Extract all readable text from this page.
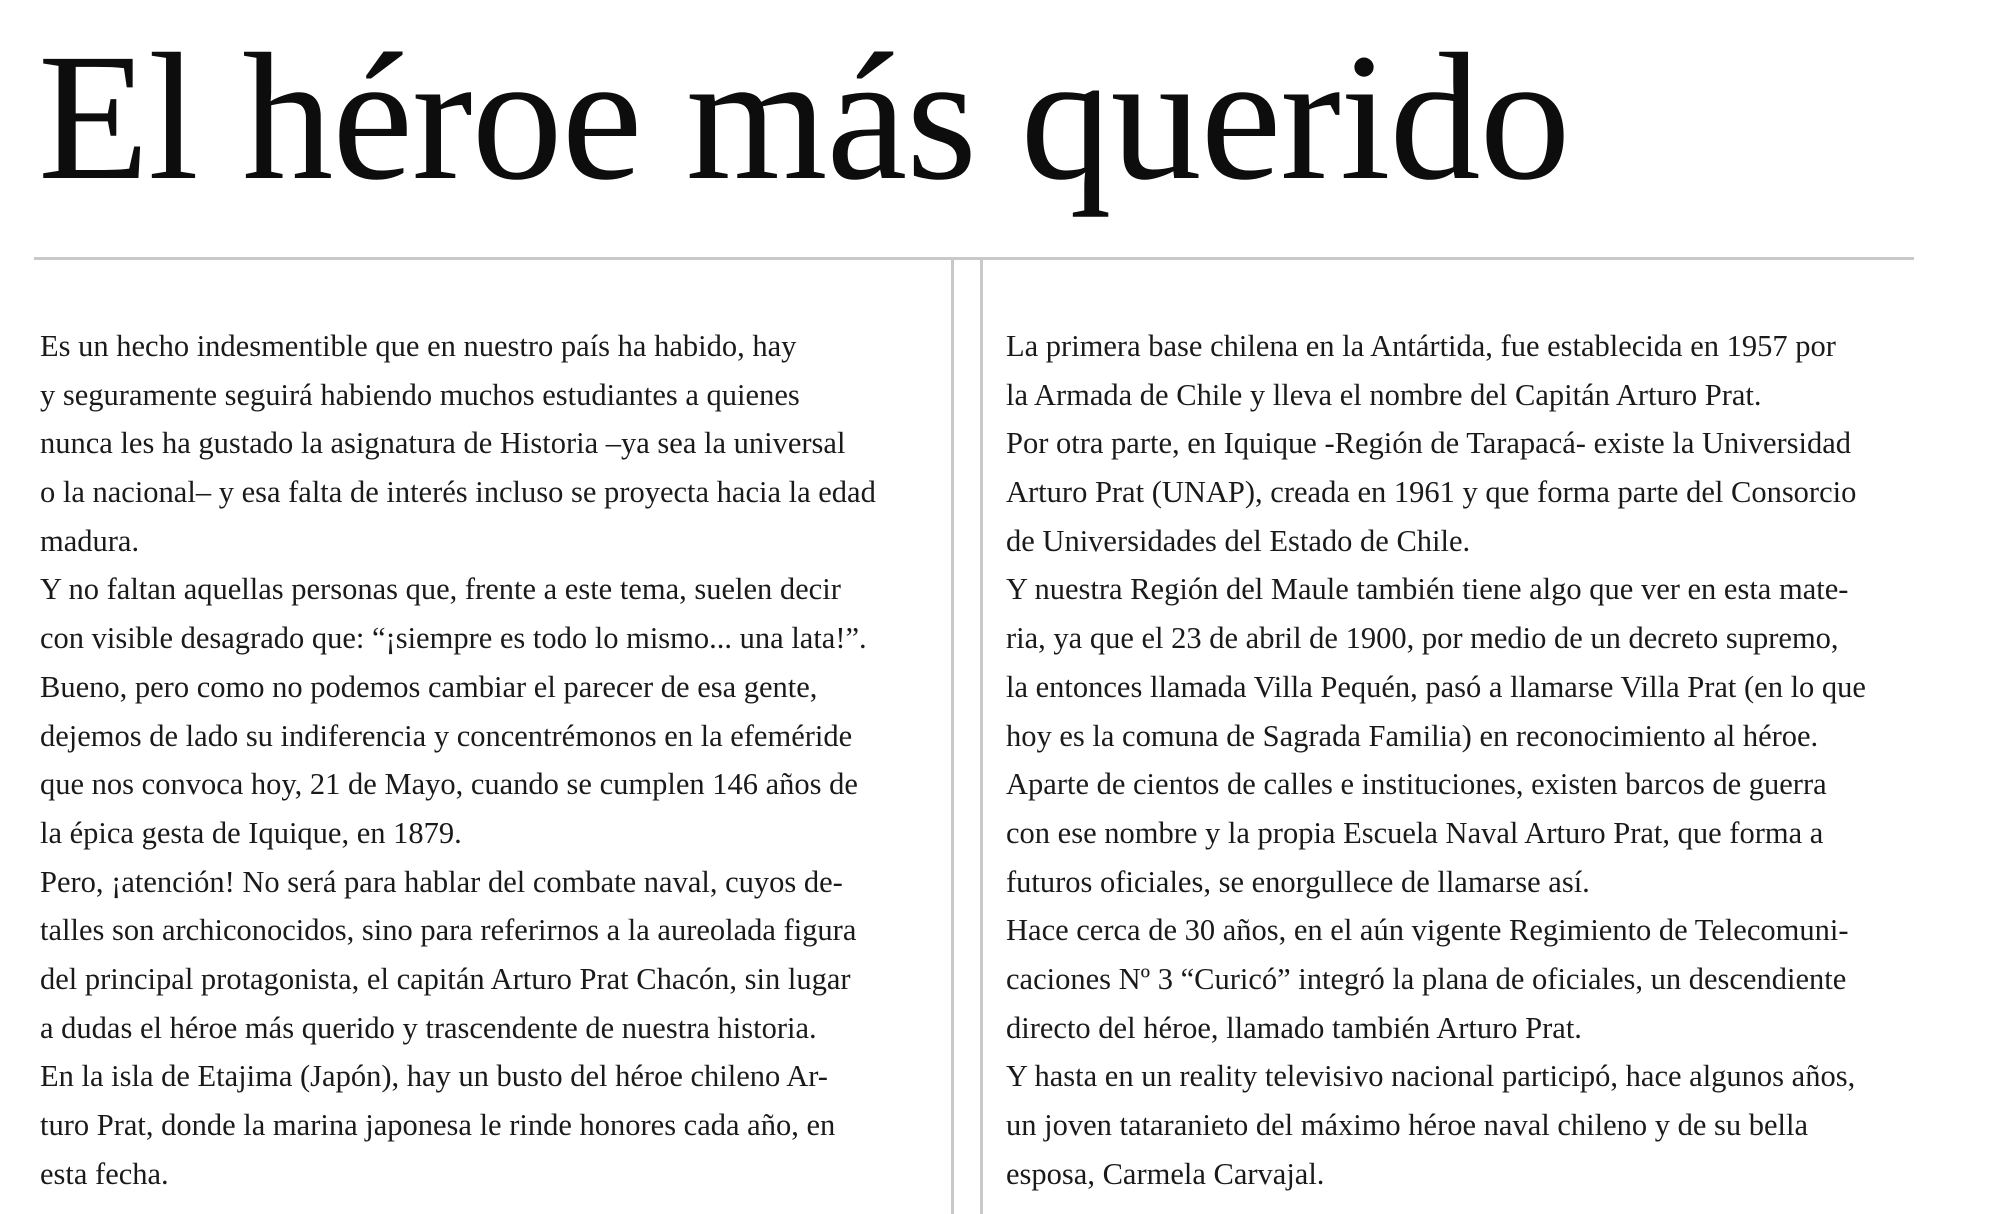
El héroe más querido
Es un hecho indesmentible que en nuestro país ha habido, hay
y seguramente seguirá habiendo muchos estudiantes a quienes
nunca les ha gustado la asignatura de Historia –ya sea la universal
o la nacional– y esa falta de interés incluso se proyecta hacia la edad
madura.
Y no faltan aquellas personas que, frente a este tema, suelen decir
con visible desagrado que: “¡siempre es todo lo mismo... una lata!”.
Bueno, pero como no podemos cambiar el parecer de esa gente,
dejemos de lado su indiferencia y concentrémonos en la efeméride
que nos convoca hoy, 21 de Mayo, cuando se cumplen 146 años de
la épica gesta de Iquique, en 1879.
Pero, ¡atención! No será para hablar del combate naval, cuyos de-
talles son archiconocidos, sino para referirnos a la aureolada figura
del principal protagonista, el capitán Arturo Prat Chacón, sin lugar
a dudas el héroe más querido y trascendente de nuestra historia.
En la isla de Etajima (Japón), hay un busto del héroe chileno Ar-
turo Prat, donde la marina japonesa le rinde honores cada año, en
esta fecha.
La primera base chilena en la Antártida, fue establecida en 1957 por
la Armada de Chile y lleva el nombre del Capitán Arturo Prat.
Por otra parte, en Iquique -Región de Tarapacá- existe la Universidad
Arturo Prat (UNAP), creada en 1961 y que forma parte del Consorcio
de Universidades del Estado de Chile.
Y nuestra Región del Maule también tiene algo que ver en esta mate-
ria, ya que el 23 de abril de 1900, por medio de un decreto supremo,
la entonces llamada Villa Pequén, pasó a llamarse Villa Prat (en lo que
hoy es la comuna de Sagrada Familia) en reconocimiento al héroe.
Aparte de cientos de calles e instituciones, existen barcos de guerra
con ese nombre y la propia Escuela Naval Arturo Prat, que forma a
futuros oficiales, se enorgullece de llamarse así.
Hace cerca de 30 años, en el aún vigente Regimiento de Telecomuni-
caciones Nº 3 “Curicó” integró la plana de oficiales, un descendiente
directo del héroe, llamado también Arturo Prat.
Y hasta en un reality televisivo nacional participó, hace algunos años,
un joven tataranieto del máximo héroe naval chileno y de su bella
esposa, Carmela Carvajal.
